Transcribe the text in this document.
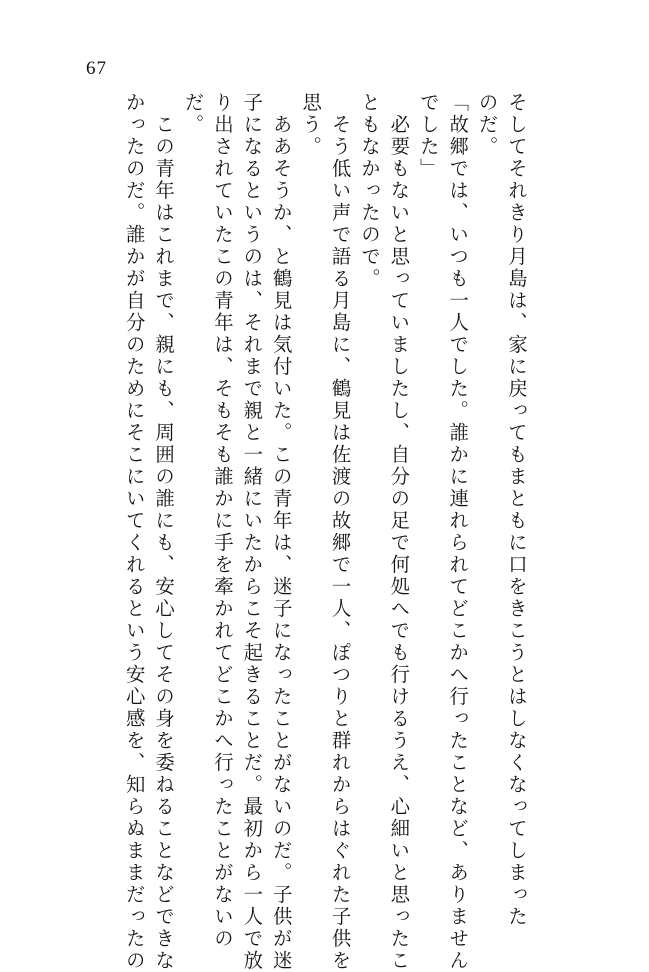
67
そしてそれきり月島は、家に戻ってもまともに口をきこうとはしなくなってしまった
のだ。
「故郷では、いつも一人でした。誰かに連れられてどこかへ行ったことなど、ありません
でした」
　必要もないと思っていましたし、自分の足で何処へでも行けるうえ、心細いと思ったこ
ともなかったので。
　そう低い声で語る月島に、鶴見は佐渡の故郷で一人、ぽつりと群れからはぐれた子供を
思う。
　ああそうか、と鶴見は気付いた。この青年は、迷子になったことがないのだ。子供が迷
子になるというのは、それまで親と一緒にいたからこそ起きることだ。最初から一人で放
り出されていたこの青年は、そもそも誰かに手を牽かれてどこかへ行ったことがないの
だ。
　この青年はこれまで、親にも、周囲の誰にも、安心してその身を委ねることなどできな
かったのだ。誰かが自分のためにそこにいてくれるという安心感を、知らぬままだったの
